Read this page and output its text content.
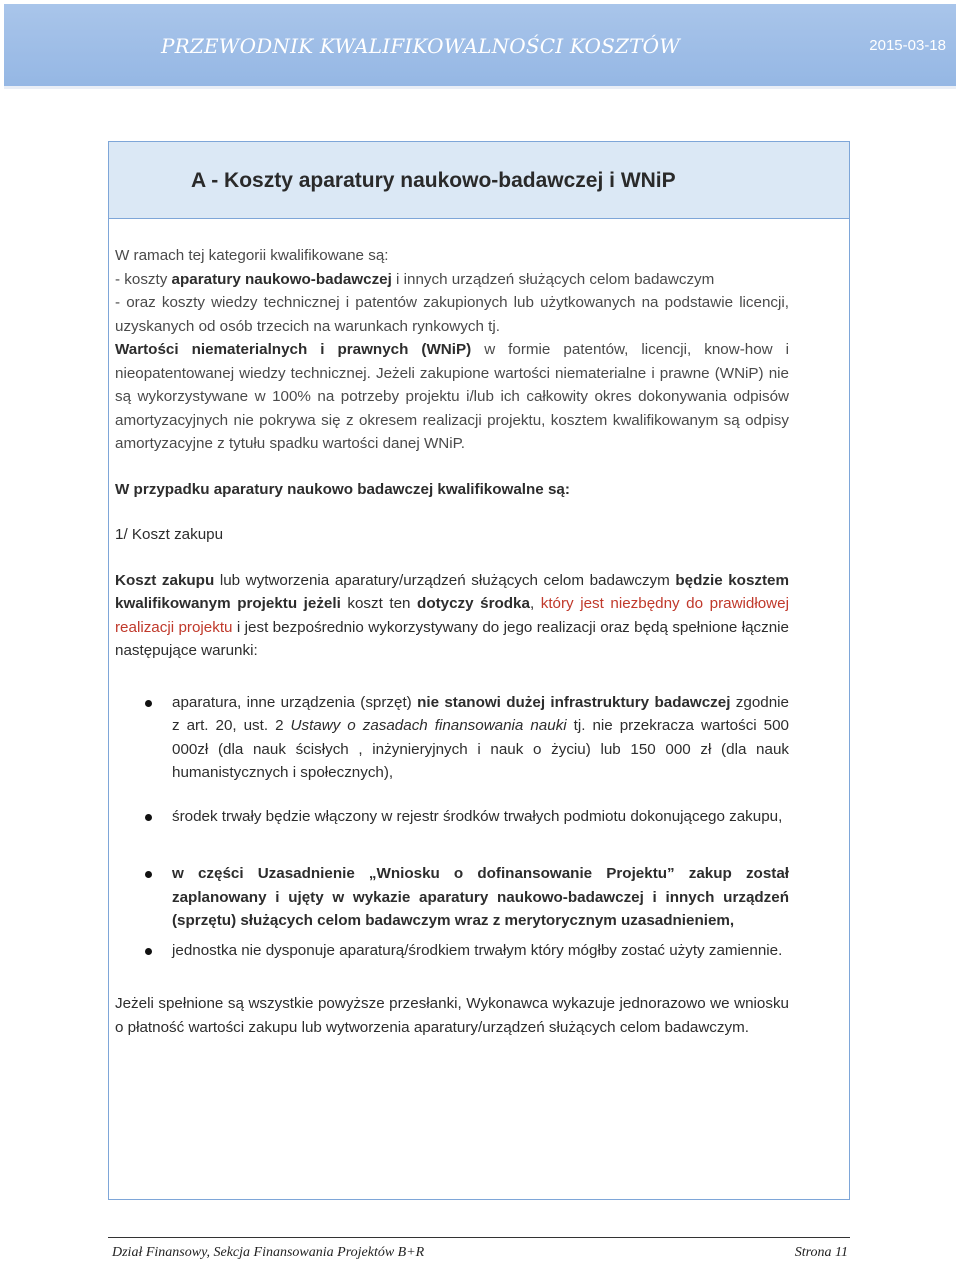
PRZEWODNIK KWALIFIKOWALNOŚCI KOSZTÓW	2015-03-18
A - Koszty aparatury naukowo-badawczej i WNiP

W ramach tej kategorii kwalifikowane są:

- koszty aparatury naukowo-badawczej i innych urządzeń służących celom badawczym

- oraz koszty wiedzy technicznej i patentów zakupionych lub użytkowanych na podstawie licencji, uzyskanych od osób trzecich na warunkach rynkowych tj.

Wartości niematerialnych i prawnych (WNiP) w formie patentów, licencji, know-how i nieopatentowanej wiedzy technicznej. Jeżeli zakupione wartości niematerialne i prawne (WNiP) nie są wykorzystywane w 100% na potrzeby projektu i/lub ich całkowity okres dokonywania odpisów amortyzacyjnych nie pokrywa się z okresem realizacji projektu, kosztem kwalifikowanym są odpisy amortyzacyjne z tytułu spadku wartości danej WNiP.

W przypadku aparatury naukowo badawczej kwalifikowalne są:

1/ Koszt zakupu

Koszt zakupu lub wytworzenia aparatury/urządzeń służących celom badawczym będzie kosztem kwalifikowanym projektu jeżeli koszt ten dotyczy środka, który jest niezbędny do prawidłowej realizacji projektu i jest bezpośrednio wykorzystywany do jego realizacji oraz będą spełnione łącznie następujące warunki:

aparatura, inne urządzenia (sprzęt) nie stanowi dużej infrastruktury badawczej zgodnie z art. 20, ust. 2 Ustawy o zasadach finansowania nauki tj. nie przekracza wartości 500 000zł (dla nauk ścisłych , inżynieryjnych i nauk o życiu) lub 150 000 zł (dla nauk humanistycznych i społecznych),
środek trwały będzie włączony w rejestr środków trwałych podmiotu dokonującego zakupu,
w części Uzasadnienie „Wniosku o dofinansowanie Projektu” zakup został zaplanowany i ujęty w wykazie aparatury naukowo-badawczej i innych urządzeń (sprzętu) służących celom badawczym wraz z merytorycznym uzasadnieniem,
jednostka nie dysponuje aparaturą/środkiem trwałym który mógłby zostać użyty zamiennie.

Jeżeli spełnione są wszystkie powyższe przesłanki, Wykonawca wykazuje jednorazowo we wniosku o płatność wartości zakupu lub wytworzenia aparatury/urządzeń służących celom badawczym.

Dział Finansowy, Sekcja Finansowania Projektów B+R	Strona 11
